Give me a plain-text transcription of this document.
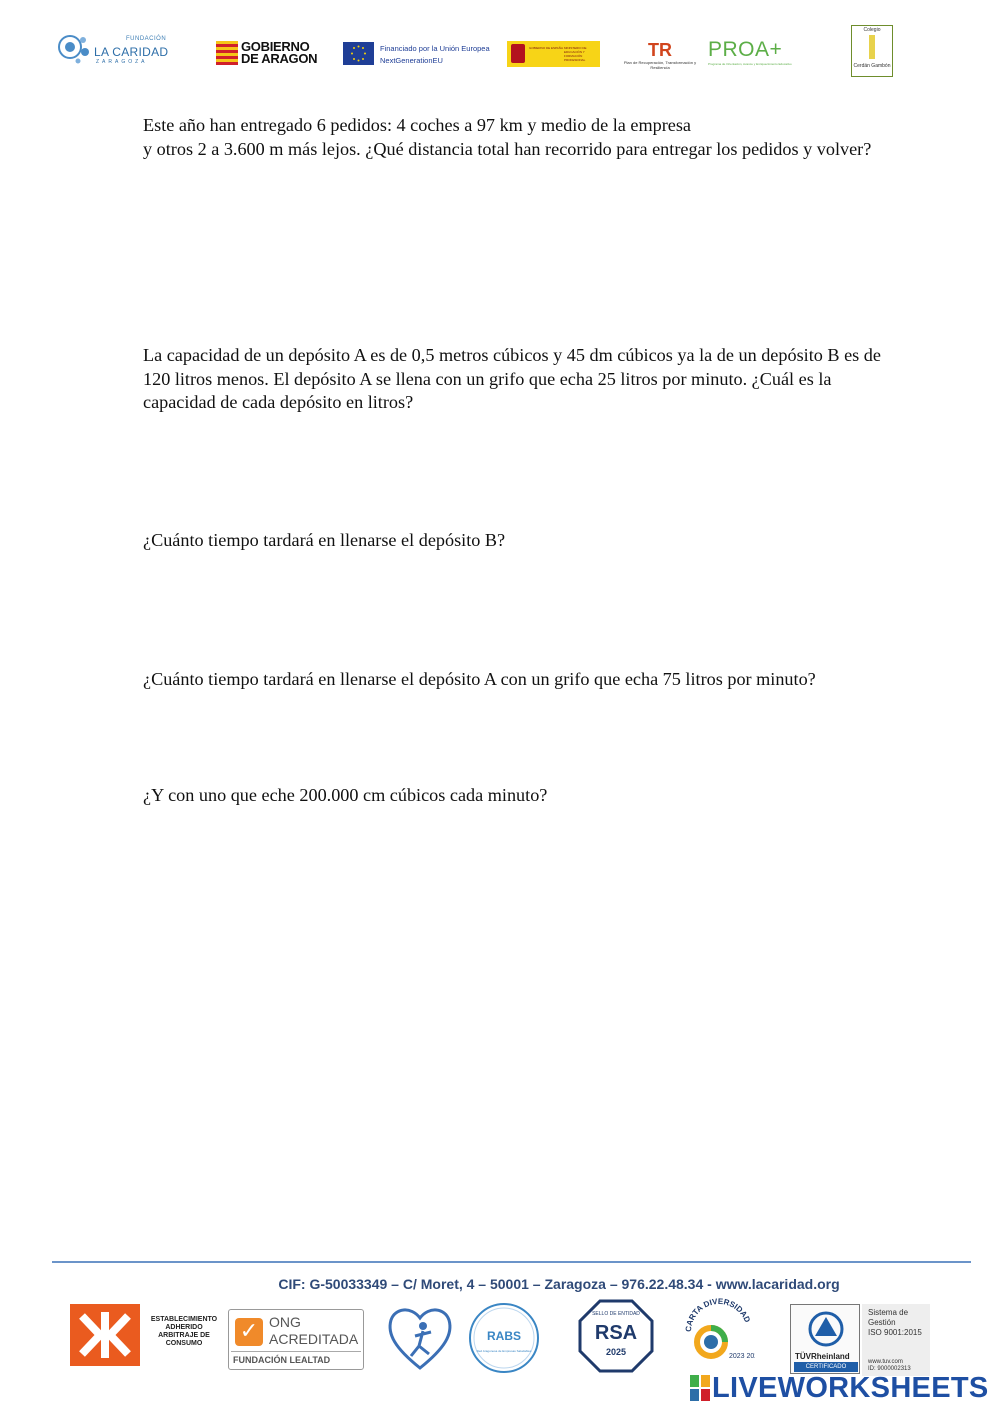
FUNDACIÓN
LA CARIDAD
ZARAGOZA
GOBIERNO
DE ARAGON
Financiado por la Unión Europea
NextGenerationEU
GOBIERNO DE ESPAÑA MINISTERIO DE EDUCACIÓN Y FORMACIÓN PROFESIONAL	TR
Plan de Recuperación, Transformación y Resiliencia
PROA+
Programa de Orientación, Avance y Enriquecimiento Educativo
Colegio
Cerdán Gambón
Este año han entregado 6 pedidos: 4 coches a 97 km y medio de la empresa
y otros 2 a 3.600 m más lejos. ¿Qué distancia total han recorrido para entregar los pedidos y volver?
La capacidad de un depósito A es de 0,5 metros cúbicos y 45 dm cúbicos ya la de un depósito B es de
120 litros menos. El depósito A se llena con un grifo que echa 25 litros por minuto. ¿Cuál es la
capacidad de cada depósito en litros?
¿Cuánto tiempo tardará en llenarse el depósito B?
¿Cuánto tiempo tardará en llenarse el depósito A con un grifo que echa 75 litros por minuto?
¿Y con uno que eche 200.000 cm cúbicos cada minuto?
CIF: G-50033349 – C/ Moret, 4 – 50001 – Zaragoza – 976.22.48.34 - www.lacaridad.org
ESTABLECIMIENTO ADHERIDO
ARBITRAJE DE CONSUMO	✓ ONG
ACREDITADA
FUNDACIÓN LEALTAD
RABS
Red Aragonesa de Empresas Saludables
SELLO DE ENTIDAD
RSA
2025
CARTA DIVERSIDAD
2023 20	TÜVRheinland
CERTIFICADO
Sistema de
Gestión
ISO 9001:2015
www.tuv.com
ID: 9000002313
LIVEWORKSHEETS
